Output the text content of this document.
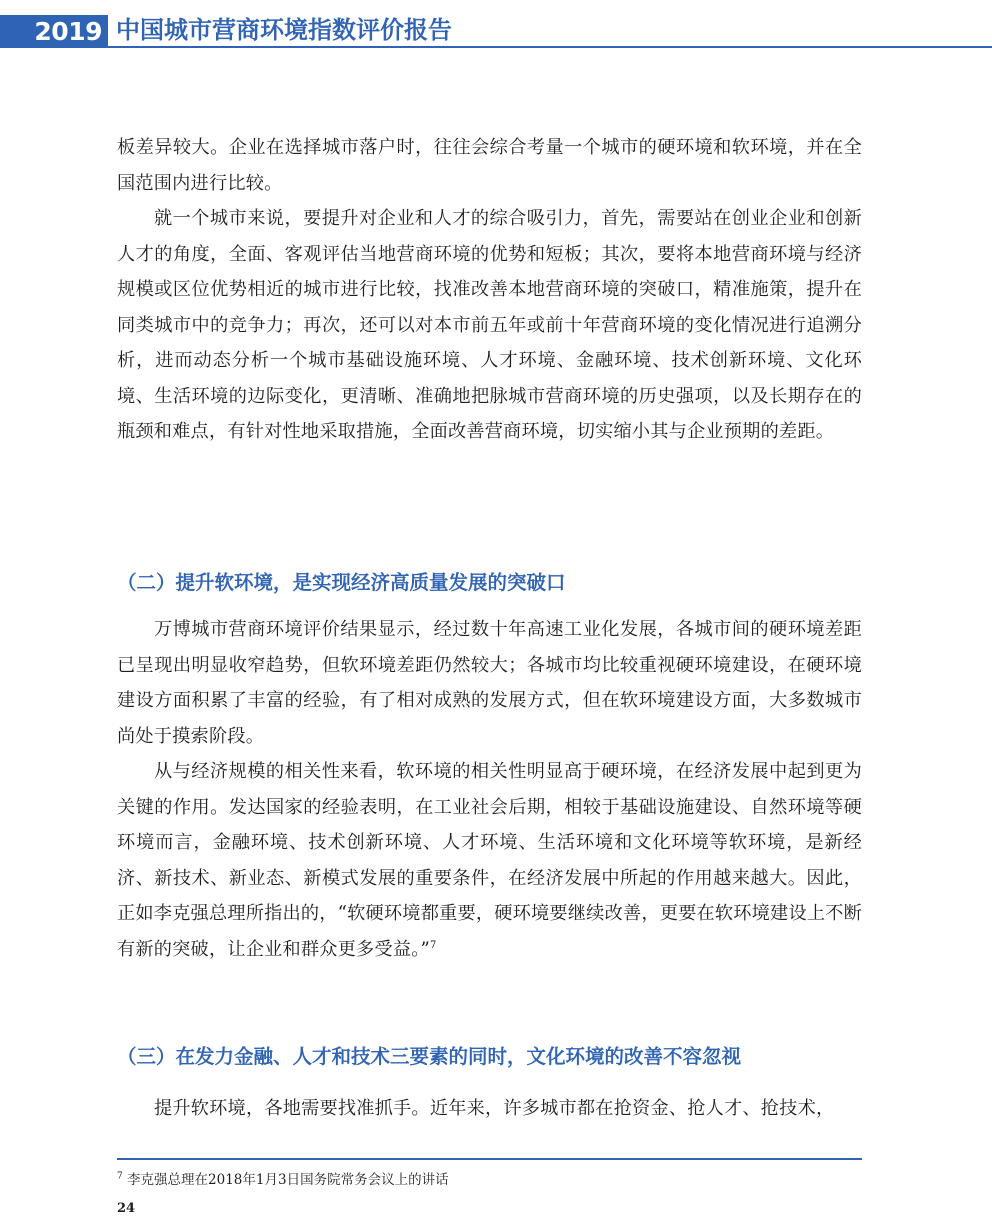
2019 中国城市营商环境指数评价报告

板差异较大。企业在选择城市落户时，往往会综合考量一个城市的硬环境和软环境，并在全国范围内进行比较。

就一个城市来说，要提升对企业和人才的综合吸引力，首先，需要站在创业企业和创新人才的角度，全面、客观评估当地营商环境的优势和短板；其次，要将本地营商环境与经济规模或区位优势相近的城市进行比较，找准改善本地营商环境的突破口，精准施策，提升在同类城市中的竞争力；再次，还可以对本市前五年或前十年营商环境的变化情况进行追溯分析，进而动态分析一个城市基础设施环境、人才环境、金融环境、技术创新环境、文化环境、生活环境的边际变化，更清晰、准确地把脉城市营商环境的历史强项，以及长期存在的瓶颈和难点，有针对性地采取措施，全面改善营商环境，切实缩小其与企业预期的差距。

（二）提升软环境，是实现经济高质量发展的突破口

万博城市营商环境评价结果显示，经过数十年高速工业化发展，各城市间的硬环境差距已呈现出明显收窄趋势，但软环境差距仍然较大；各城市均比较重视硬环境建设，在硬环境建设方面积累了丰富的经验，有了相对成熟的发展方式，但在软环境建设方面，大多数城市尚处于摸索阶段。

从与经济规模的相关性来看，软环境的相关性明显高于硬环境，在经济发展中起到更为关键的作用。发达国家的经验表明，在工业社会后期，相较于基础设施建设、自然环境等硬环境而言，金融环境、技术创新环境、人才环境、生活环境和文化环境等软环境，是新经济、新技术、新业态、新模式发展的重要条件，在经济发展中所起的作用越来越大。因此，正如李克强总理所指出的，“软硬环境都重要，硬环境要继续改善，更要在软环境建设上不断有新的突破，让企业和群众更多受益。”$^7$

（三）在发力金融、人才和技术三要素的同时，文化环境的改善不容忽视

提升软环境，各地需要找准抓手。近年来，许多城市都在抢资金、抢人才、抢技术，

$^7$ 李克强总理在2018年1月3日国务院常务会议上的讲话
24
